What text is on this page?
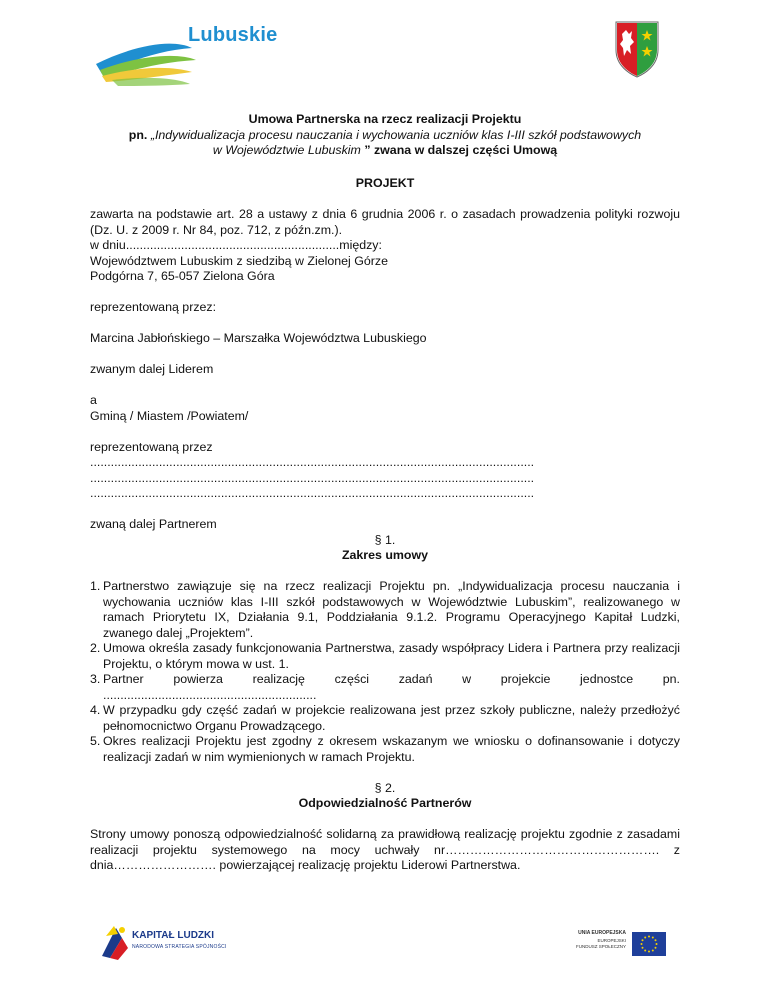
Lubuskie

Umowa Partnerska na rzecz realizacji Projektu

pn. „Indywidualizacja procesu nauczania i wychowania uczniów klas I-III szkół podstawowych

w Województwie Lubuskim ” zwana w dalszej części Umową

PROJEKT

zawarta na podstawie art. 28 a ustawy z dnia 6 grudnia 2006 r. o zasadach prowadzenia polityki rozwoju (Dz. U. z 2009 r. Nr 84, poz. 712, z późn.zm.).

w dniu..............................................................między:

Województwem Lubuskim z siedzibą w Zielonej Górze

Podgórna 7, 65-057 Zielona Góra

reprezentowaną przez:

Marcina Jabłońskiego – Marszałka Województwa Lubuskiego

zwanym dalej Liderem

a

Gminą / Miastem /Powiatem/

reprezentowaną przez

.................................................................................................................................

.................................................................................................................................

.................................................................................................................................

zwaną dalej Partnerem

§ 1.

Zakres umowy

1. Partnerstwo zawiązuje się na rzecz realizacji Projektu pn. „Indywidualizacja procesu nauczania i wychowania uczniów klas I-III szkół podstawowych w Województwie Lubuskim”, realizowanego w ramach Priorytetu IX, Działania 9.1, Poddziałania 9.1.2. Programu Operacyjnego Kapitał Ludzki, zwanego dalej „Projektem”.
2. Umowa określa zasady funkcjonowania Partnerstwa, zasady współpracy Lidera i Partnera przy realizacji Projektu, o którym mowa w ust. 1.
3. Partner powierza realizację części zadań w projekcie jednostce pn. ..............................................................
4. W przypadku gdy część zadań w projekcie realizowana jest przez szkoły publiczne, należy przedłożyć pełnomocnictwo Organu Prowadzącego.
5. Okres realizacji Projektu jest zgodny z okresem wskazanym we wniosku o dofinansowanie i dotyczy realizacji zadań w nim wymienionych w ramach Projektu.

§ 2.

Odpowiedzialność Partnerów

Strony umowy ponoszą odpowiedzialność solidarną za prawidłową realizację projektu zgodnie z zasadami realizacji projektu systemowego na mocy uchwały nr……………………………………………. z dnia……………………. powierzającej realizację projektu Liderowi Partnerstwa.

KAPITAŁ LUDZKI
NARODOWA STRATEGIA SPÓJNOŚCI
UNIA EUROPEJSKA
EUROPEJSKI
FUNDUSZ SPOŁECZNY
